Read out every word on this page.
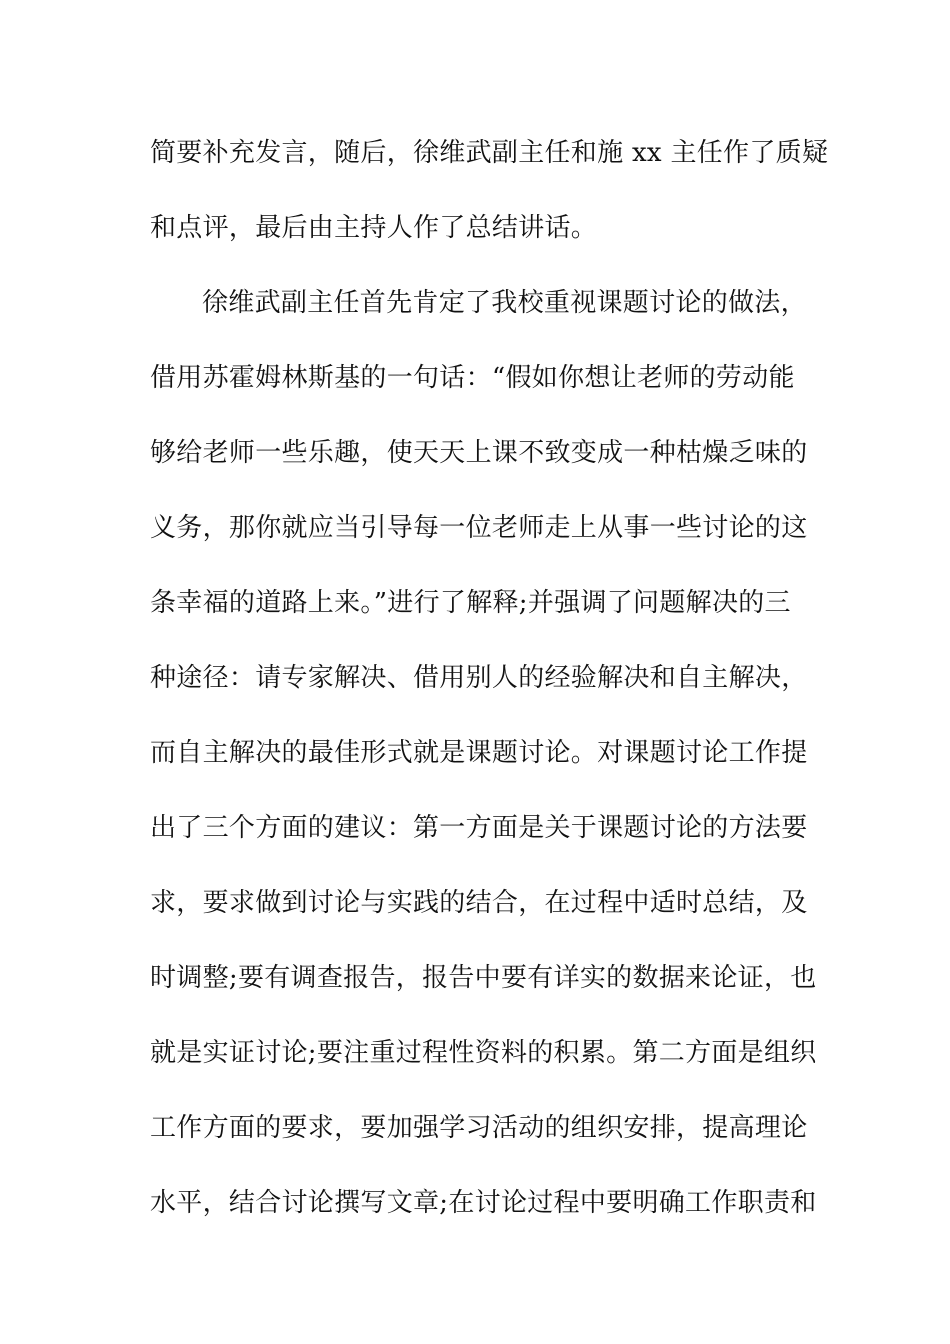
简要补充发言，随后，徐维武副主任和施 xx 主任作了质疑
和点评，最后由主持人作了总结讲话。
徐维武副主任首先肯定了我校重视课题讨论的做法，
借用苏霍姆林斯基的一句话：“假如你想让老师的劳动能
够给老师一些乐趣，使天天上课不致变成一种枯燥乏味的
义务，那你就应当引导每一位老师走上从事一些讨论的这
条幸福的道路上来。”进行了解释;并强调了问题解决的三
种途径：请专家解决、借用别人的经验解决和自主解决，
而自主解决的最佳形式就是课题讨论。对课题讨论工作提
出了三个方面的建议：第一方面是关于课题讨论的方法要
求，要求做到讨论与实践的结合，在过程中适时总结，及
时调整;要有调查报告，报告中要有详实的数据来论证，也
就是实证讨论;要注重过程性资料的积累。第二方面是组织
工作方面的要求，要加强学习活动的组织安排，提高理论
水平，结合讨论撰写文章;在讨论过程中要明确工作职责和
